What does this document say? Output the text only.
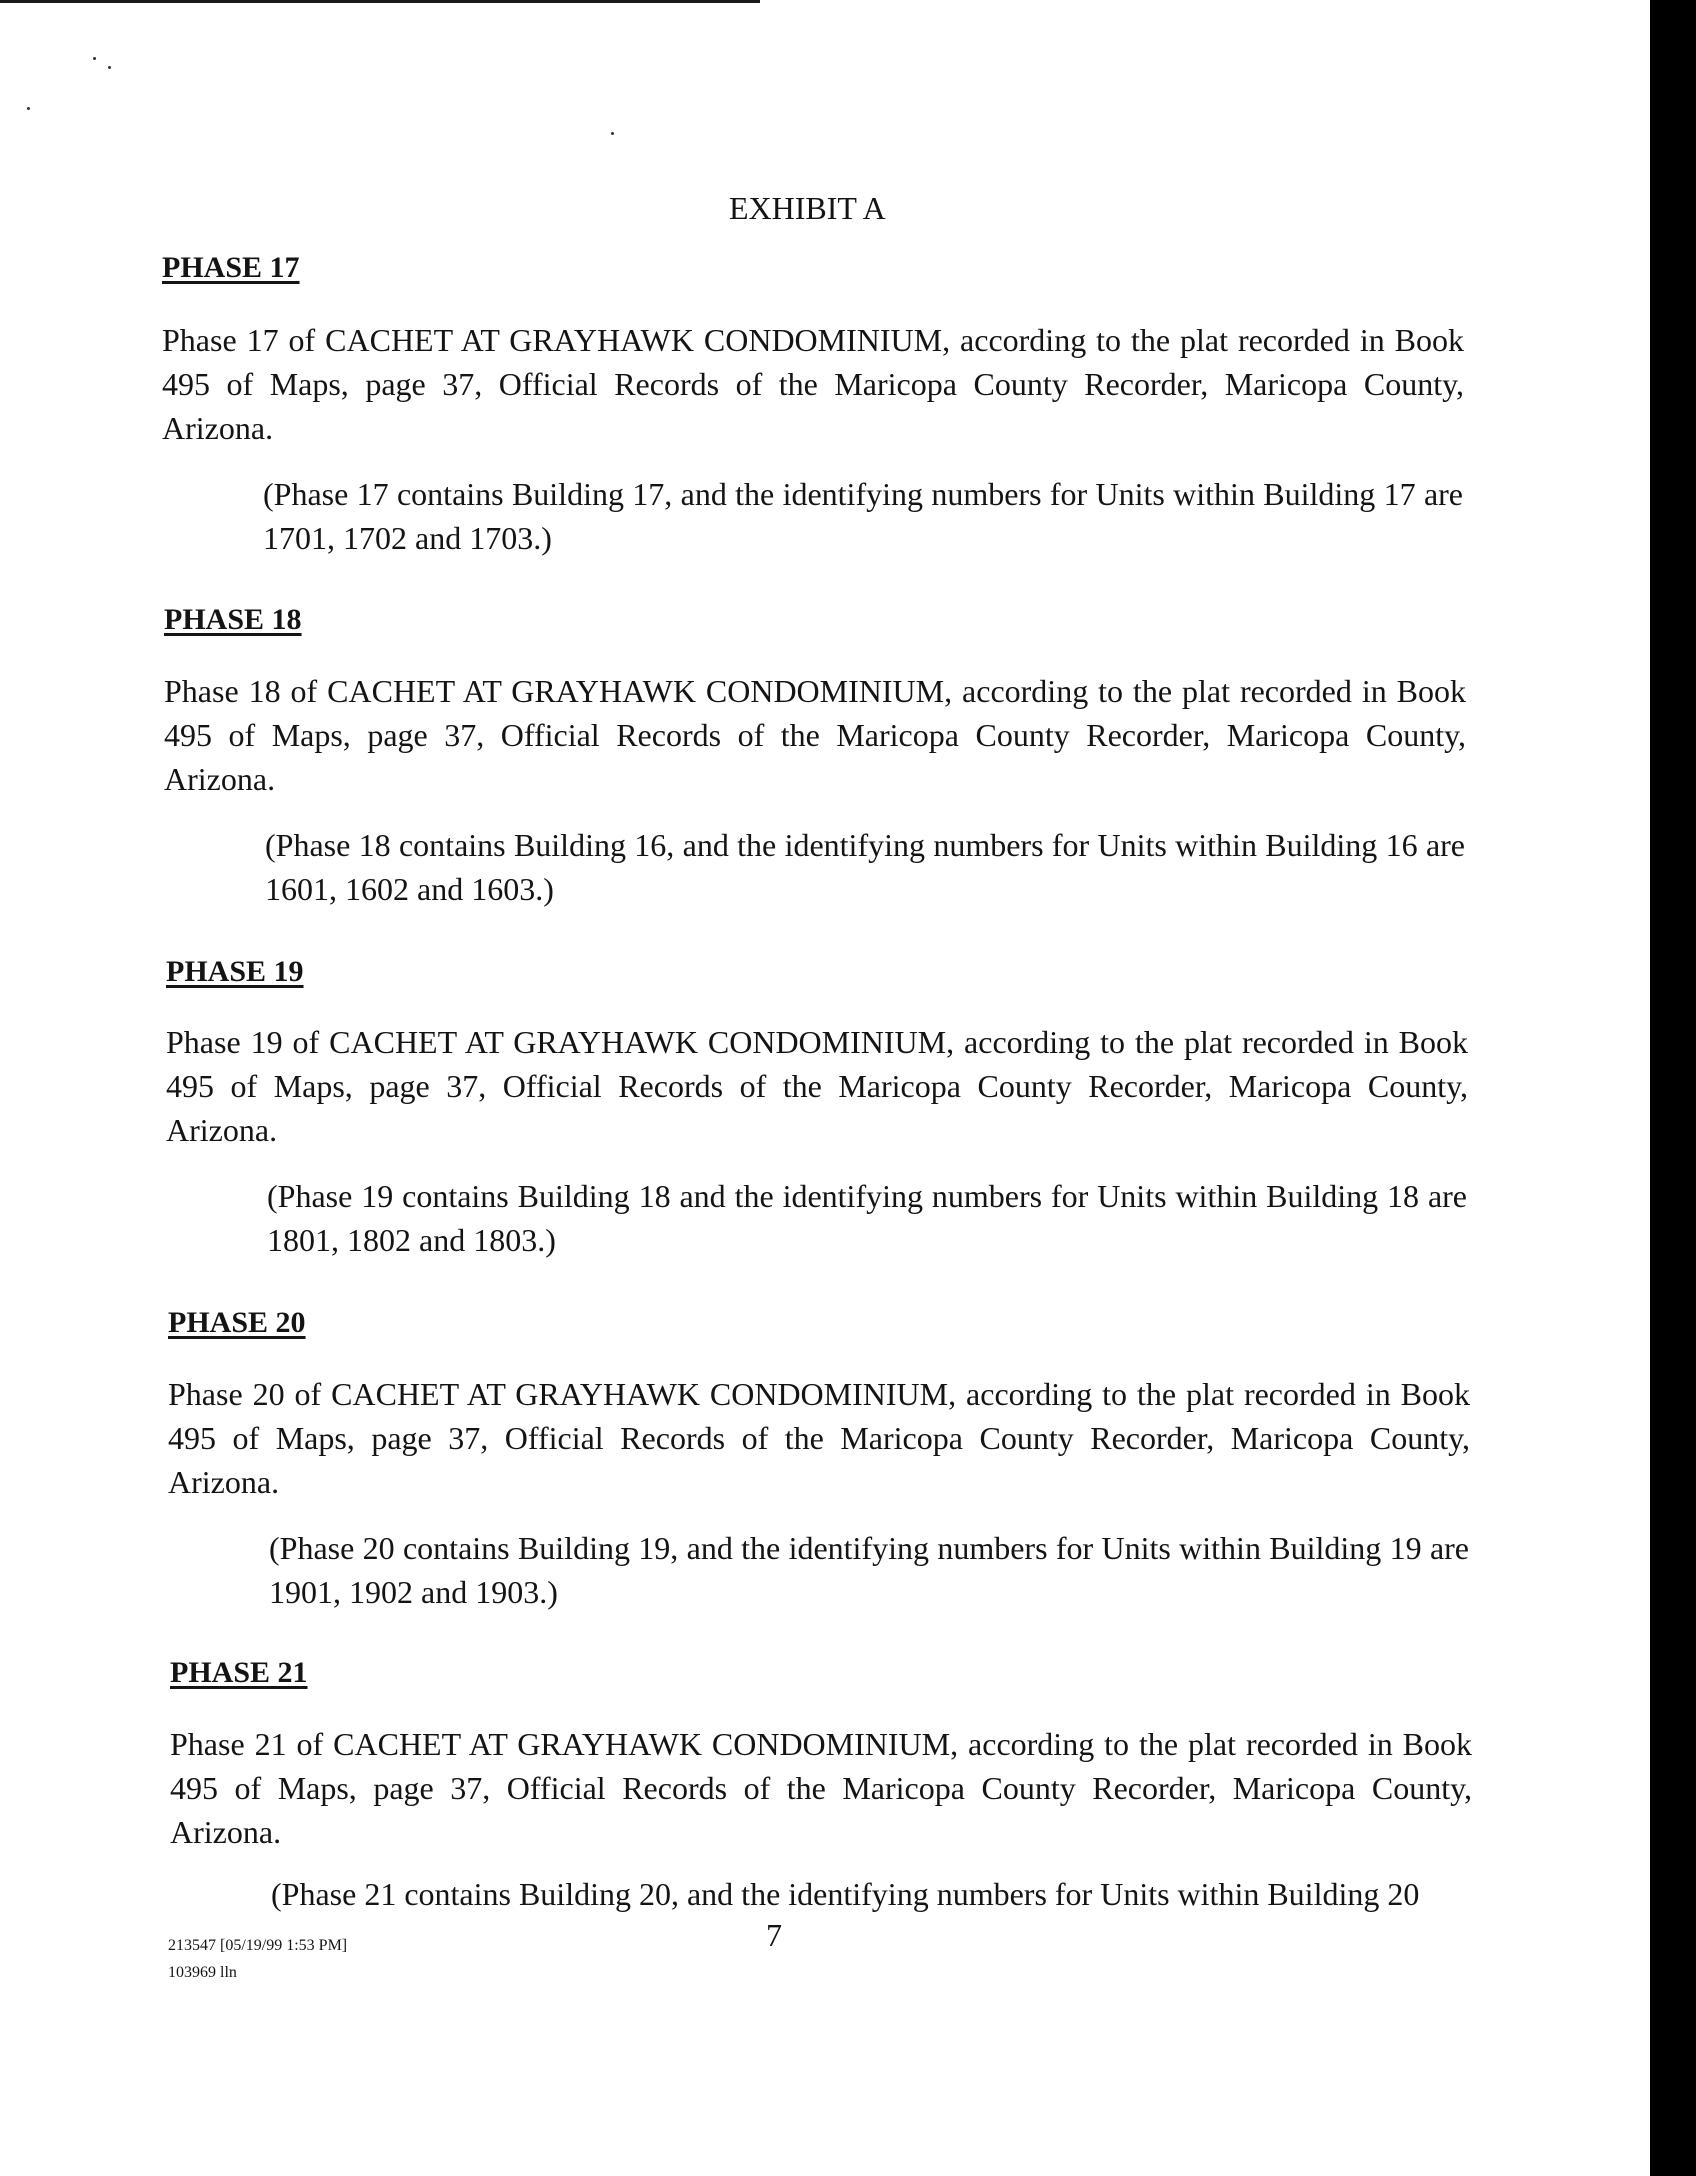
EXHIBIT A
PHASE 17
Phase 17 of CACHET AT GRAYHAWK CONDOMINIUM, according to the plat recorded in Book 495 of Maps, page 37, Official Records of the Maricopa County Recorder, Maricopa County, Arizona.
(Phase 17 contains Building 17, and the identifying numbers for Units within Building 17 are 1701, 1702 and 1703.)
PHASE 18
Phase 18 of CACHET AT GRAYHAWK CONDOMINIUM, according to the plat recorded in Book 495 of Maps, page 37, Official Records of the Maricopa County Recorder, Maricopa County, Arizona.
(Phase 18 contains Building 16, and the identifying numbers for Units within Building 16 are 1601, 1602 and 1603.)
PHASE 19
Phase 19 of CACHET AT GRAYHAWK CONDOMINIUM, according to the plat recorded in Book 495 of Maps, page 37, Official Records of the Maricopa County Recorder, Maricopa County, Arizona.
(Phase 19 contains Building 18 and the identifying numbers for Units within Building 18 are 1801, 1802 and 1803.)
PHASE 20
Phase 20 of CACHET AT GRAYHAWK CONDOMINIUM, according to the plat recorded in Book 495 of Maps, page 37, Official Records of the Maricopa County Recorder, Maricopa County, Arizona.
(Phase 20 contains Building 19, and the identifying numbers for Units within Building 19 are 1901, 1902 and 1903.)
PHASE 21
Phase 21 of CACHET AT GRAYHAWK CONDOMINIUM, according to the plat recorded in Book 495 of Maps, page 37, Official Records of the Maricopa County Recorder, Maricopa County, Arizona.
(Phase 21 contains Building 20, and the identifying numbers for Units within Building 20
7
213547 [05/19/99 1:53 PM]
103969 lln
